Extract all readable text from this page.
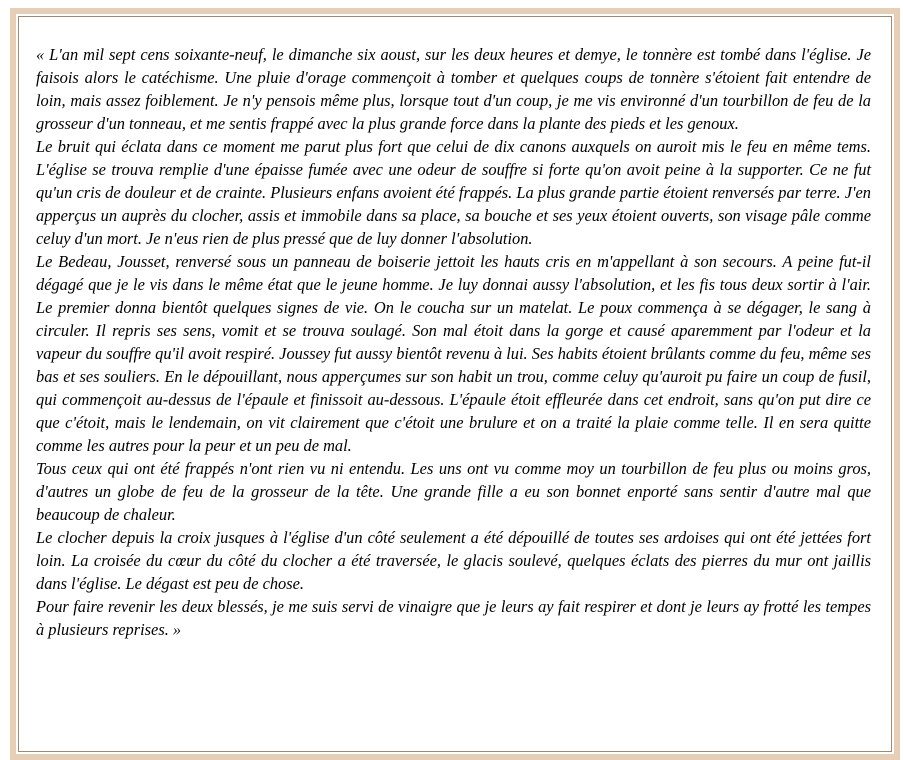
« L'an mil sept cens soixante-neuf, le dimanche six aoust, sur les deux heures et demye, le tonnère est tombé dans l'église. Je faisois alors le catéchisme. Une pluie d'orage commençoit à tomber et quelques coups de tonnère s'étoient fait entendre de loin, mais assez foiblement. Je n'y pensois même plus, lorsque tout d'un coup, je me vis environné d'un tourbillon de feu de la grosseur d'un tonneau, et me sentis frappé avec la plus grande force dans la plante des pieds et les genoux.

Le bruit qui éclata dans ce moment me parut plus fort que celui de dix canons auxquels on auroit mis le feu en même tems. L'église se trouva remplie d'une épaisse fumée avec une odeur de souffre si forte qu'on avoit peine à la supporter. Ce ne fut qu'un cris de douleur et de crainte. Plusieurs enfans avoient été frappés. La plus grande partie étoient renversés par terre. J'en apperçus un auprès du clocher, assis et immobile dans sa place, sa bouche et ses yeux étoient ouverts, son visage pâle comme celuy d'un mort. Je n'eus rien de plus pressé que de luy donner l'absolution.

Le Bedeau, Jousset, renversé sous un panneau de boiserie jettoit les hauts cris en m'appellant à son secours. A peine fut-il dégagé que je le vis dans le même état que le jeune homme. Je luy donnai aussy l'absolution, et les fis tous deux sortir à l'air. Le premier donna bientôt quelques signes de vie. On le coucha sur un matelat. Le poux commença à se dégager, le sang à circuler. Il repris ses sens, vomit et se trouva soulagé. Son mal étoit dans la gorge et causé aparemment par l'odeur et la vapeur du souffre qu'il avoit respiré. Joussey fut aussy bientôt revenu à lui. Ses habits étoient brûlants comme du feu, même ses bas et ses souliers. En le dépouillant, nous apperçumes sur son habit un trou, comme celuy qu'auroit pu faire un coup de fusil, qui commençoit au-dessus de l'épaule et finissoit au-dessous. L'épaule étoit effleurée dans cet endroit, sans qu'on put dire ce que c'étoit, mais le lendemain, on vit clairement que c'étoit une brulure et on a traité la plaie comme telle. Il en sera quitte comme les autres pour la peur et un peu de mal.

Tous ceux qui ont été frappés n'ont rien vu ni entendu. Les uns ont vu comme moy un tourbillon de feu plus ou moins gros, d'autres un globe de feu de la grosseur de la tête. Une grande fille a eu son bonnet enporté sans sentir d'autre mal que beaucoup de chaleur.

Le clocher depuis la croix jusques à l'église d'un côté seulement a été dépouillé de toutes ses ardoises qui ont été jettées fort loin. La croisée du cœur du côté du clocher a été traversée, le glacis soulevé, quelques éclats des pierres du mur ont jaillis dans l'église. Le dégast est peu de chose.

Pour faire revenir les deux blessés, je me suis servi de vinaigre que je leurs ay fait respirer et dont je leurs ay frotté les tempes à plusieurs reprises. »
